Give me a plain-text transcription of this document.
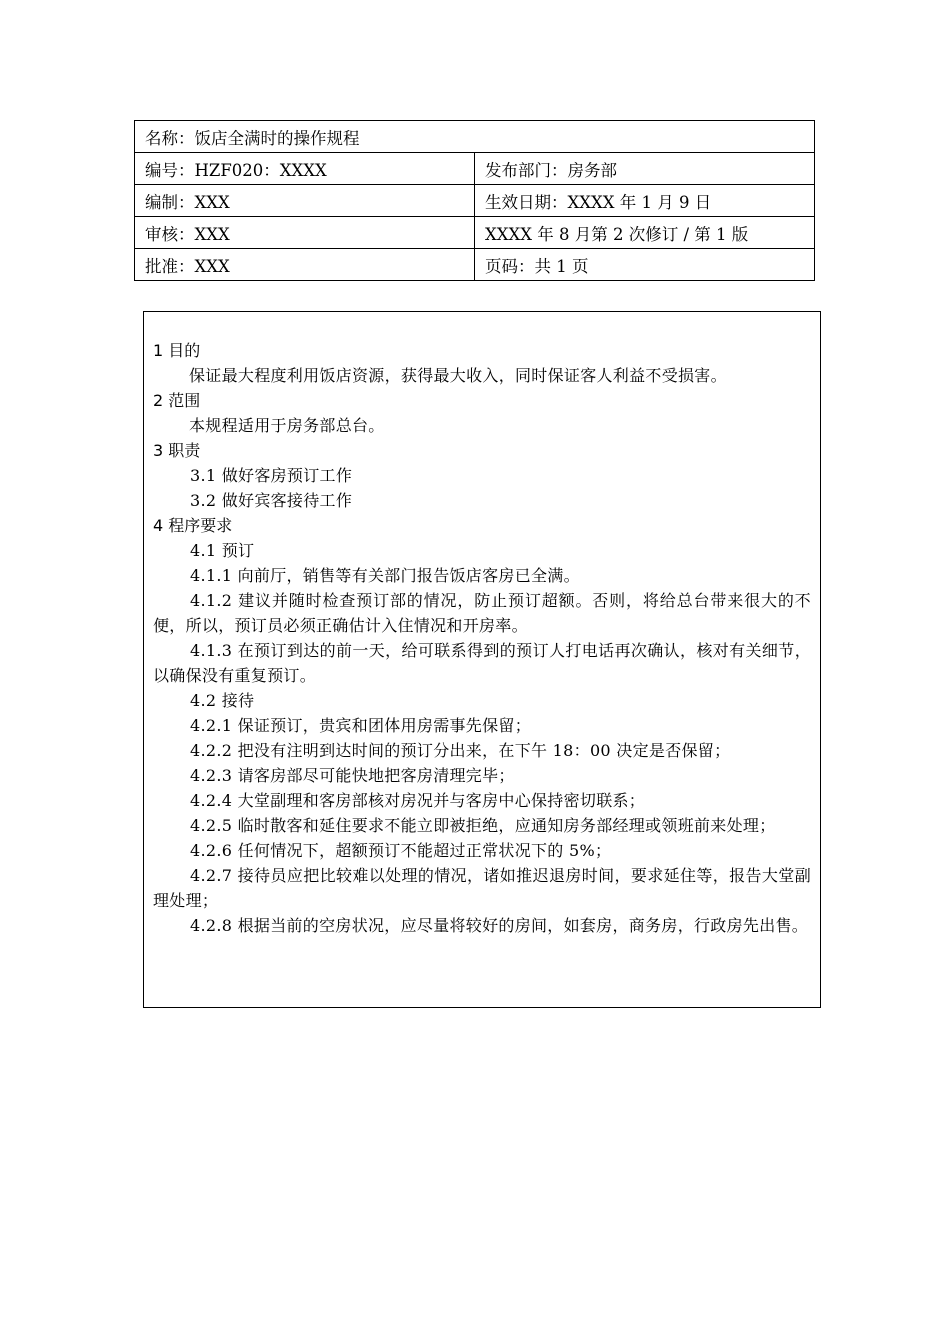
名称：饭店全满时的操作规程	
编号：HZF020：XXXX	发布部门：房务部
编制：XXX	生效日期：XXXX 年 1 月 9 日
审核：XXX	XXXX 年 8 月第 2 次修订 / 第 1 版
批准：XXX	页码：共 1 页

1 目的

保证最大程度利用饭店资源，获得最大收入，同时保证客人利益不受损害。

2 范围

本规程适用于房务部总台。

3 职责

3.1 做好客房预订工作

3.2 做好宾客接待工作

4 程序要求

4.1 预订

4.1.1 向前厅，销售等有关部门报告饭店客房已全满。

4.1.2 建议并随时检查预订部的情况，防止预订超额。否则，将给总台带来很大的不便，所以，预订员必须正确估计入住情况和开房率。

4.1.3 在预订到达的前一天，给可联系得到的预订人打电话再次确认，核对有关细节，以确保没有重复预订。

4.2 接待

4.2.1 保证预订，贵宾和团体用房需事先保留；

4.2.2 把没有注明到达时间的预订分出来，在下午 18：00 决定是否保留；

4.2.3 请客房部尽可能快地把客房清理完毕；

4.2.4 大堂副理和客房部核对房况并与客房中心保持密切联系；

4.2.5 临时散客和延住要求不能立即被拒绝，应通知房务部经理或领班前来处理；

4.2.6 任何情况下，超额预订不能超过正常状况下的 5%；

4.2.7 接待员应把比较难以处理的情况，诸如推迟退房时间，要求延住等，报告大堂副理处理；

4.2.8 根据当前的空房状况，应尽量将较好的房间，如套房，商务房，行政房先出售。
